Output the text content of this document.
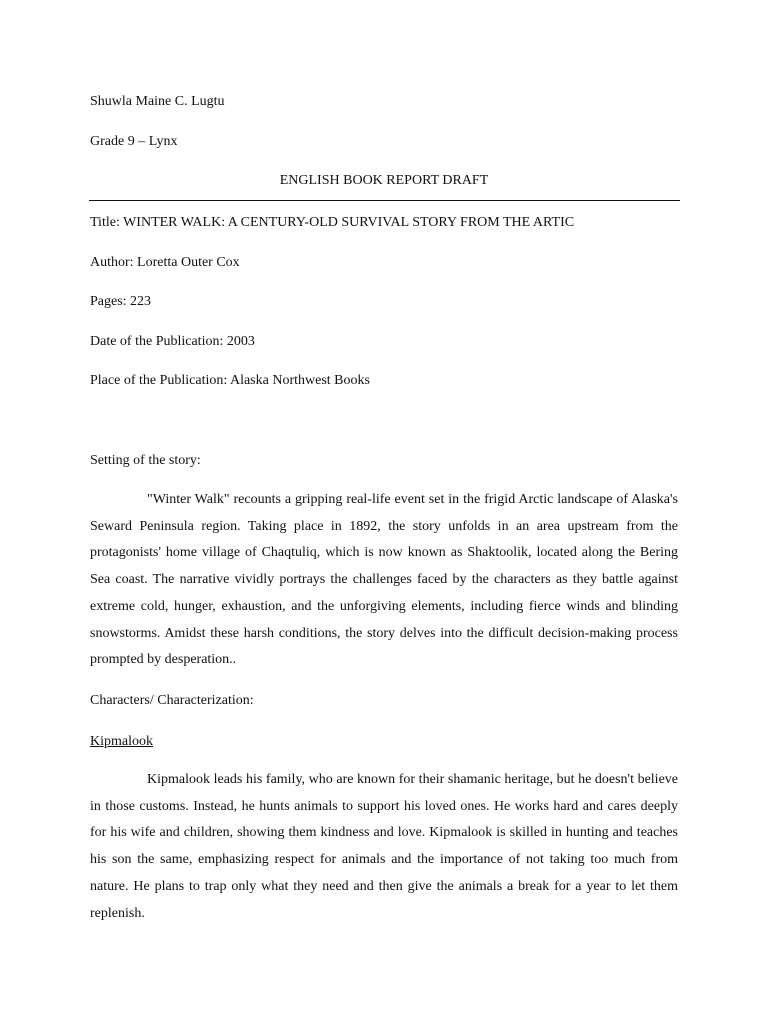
Shuwla Maine C. Lugtu
Grade 9 – Lynx
ENGLISH BOOK REPORT DRAFT
Title: WINTER WALK: A CENTURY-OLD SURVIVAL STORY FROM THE ARTIC
Author: Loretta Outer Cox
Pages: 223
Date of the Publication: 2003
Place of the Publication: Alaska Northwest Books
Setting of the story:

"Winter Walk" recounts a gripping real-life event set in the frigid Arctic landscape of Alaska's Seward Peninsula region. Taking place in 1892, the story unfolds in an area upstream from the protagonists' home village of Chaqtuliq, which is now known as Shaktoolik, located along the Bering Sea coast. The narrative vividly portrays the challenges faced by the characters as they battle against extreme cold, hunger, exhaustion, and the unforgiving elements, including fierce winds and blinding snowstorms. Amidst these harsh conditions, the story delves into the difficult decision-making process prompted by desperation..

Characters/ Characterization:
Kipmalook

Kipmalook leads his family, who are known for their shamanic heritage, but he doesn't believe in those customs. Instead, he hunts animals to support his loved ones. He works hard and cares deeply for his wife and children, showing them kindness and love. Kipmalook is skilled in hunting and teaches his son the same, emphasizing respect for animals and the importance of not taking too much from nature. He plans to trap only what they need and then give the animals a break for a year to let them replenish.
